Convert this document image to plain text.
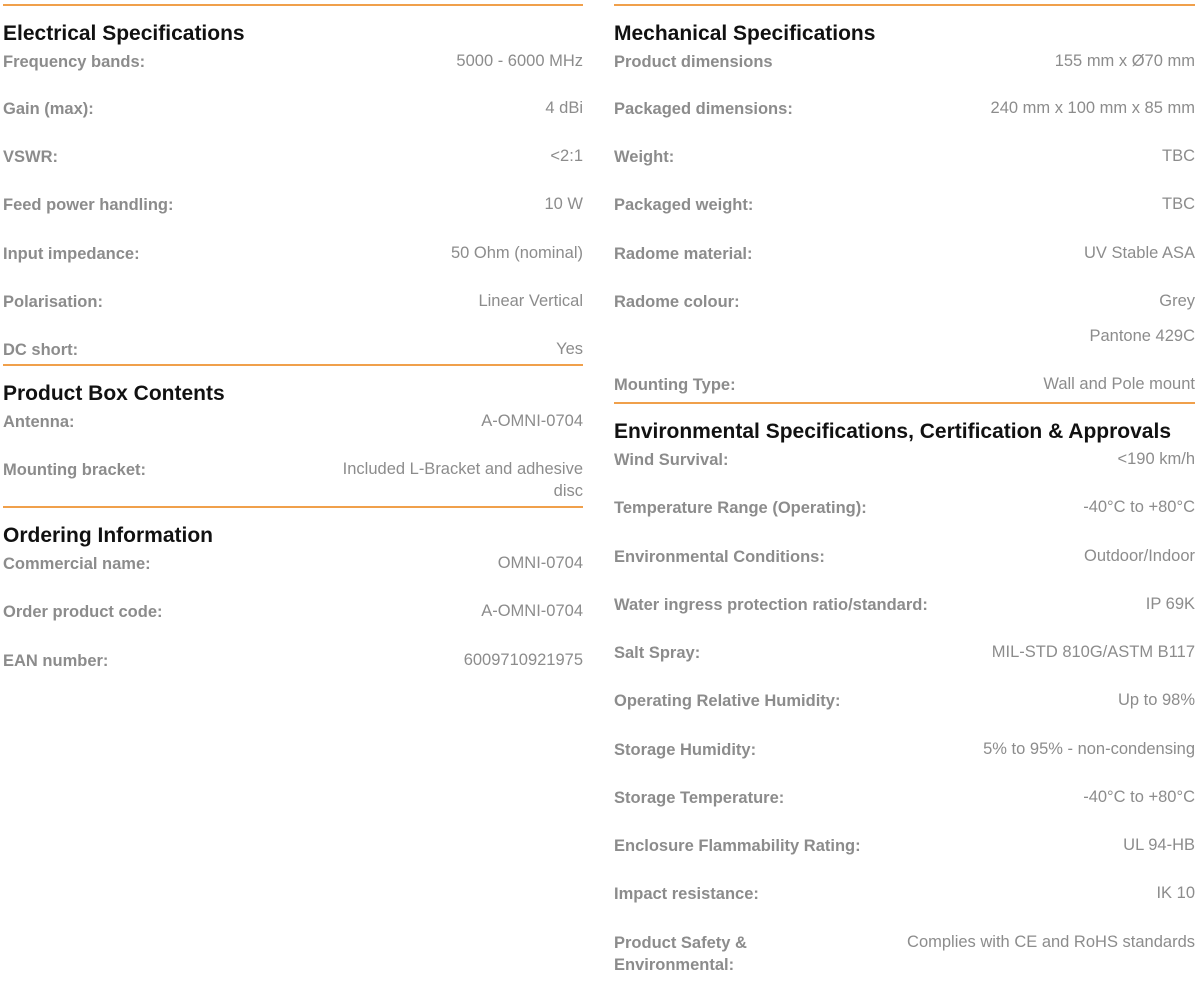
Electrical Specifications
Frequency bands:	5000 - 6000 MHz
Gain (max):	4 dBi
VSWR:	<2:1
Feed power handling:	10 W
Input impedance:	50 Ohm (nominal)
Polarisation:	Linear Vertical
DC short:	Yes
Product Box Contents
Antenna:	A-OMNI-0704
Mounting bracket:	Included L-Bracket and adhesive
disc
Ordering Information
Commercial name:	OMNI-0704
Order product code:	A-OMNI-0704
EAN number:	6009710921975
Mechanical Specifications
Product dimensions	155 mm x Ø70 mm
Packaged dimensions:	240 mm x 100 mm x 85 mm
Weight:	TBC
Packaged weight:	TBC
Radome material:	UV Stable ASA
Radome colour:	Grey
Pantone 429C
Mounting Type:	Wall and Pole mount
Environmental Specifications, Certification & Approvals
Wind Survival:	<190 km/h
Temperature Range (Operating):	-40°C to +80°C
Environmental Conditions:	Outdoor/Indoor
Water ingress protection ratio/standard:	IP 69K
Salt Spray:	MIL-STD 810G/ASTM B117
Operating Relative Humidity:	Up to 98%
Storage Humidity:	5% to 95% - non-condensing
Storage Temperature:	-40°C to +80°C
Enclosure Flammability Rating:	UL 94-HB
Impact resistance:	IK 10
Product Safety & Environmental:
Complies with CE and RoHS standards
